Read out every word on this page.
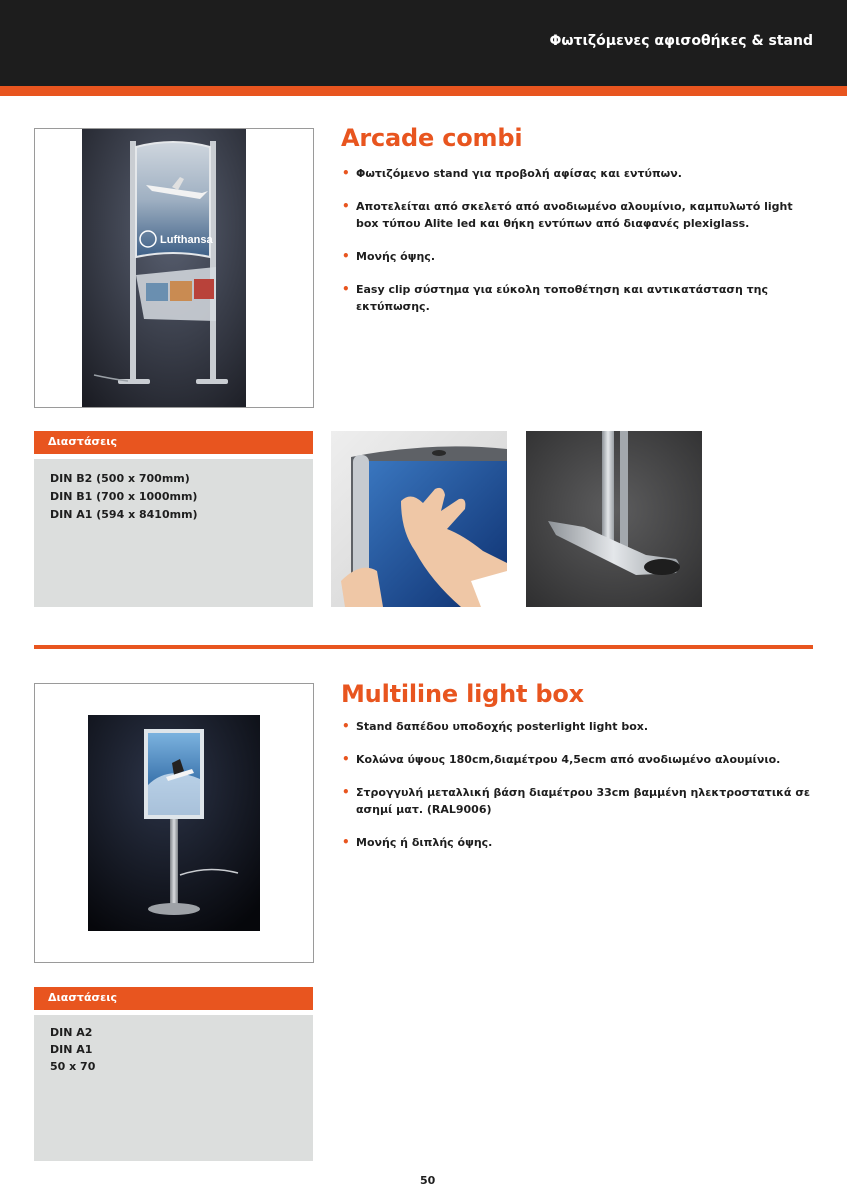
Φωτιζόμενες αφισοθήκες & stand
Lufthansa
Arcade combi
• Φωτιζόμενο stand για προβολή αφίσας και εντύπων.
• Αποτελείται από σκελετό από ανοδιωμένο αλουμίνιο, καμπυλωτό light box τύπου Alite led και θήκη εντύπων από διαφανές plexiglass.
• Μονής όψης.
• Easy clip σύστημα για εύκολη τοποθέτηση και αντικατάσταση της εκτύπωσης.
Διαστάσεις
DIN B2 (500 x 700mm)
DIN B1 (700 x 1000mm)
DIN A1 (594 x 8410mm)
Multiline light box
• Stand δαπέδου υποδοχής posterlight light box.
• Κολώνα ύψους 180cm,διαμέτρου 4,5ecm από ανοδιωμένο αλουμίνιο.
• Στρογγυλή μεταλλική βάση διαμέτρου 33cm βαμμένη ηλεκτροστατικά σε ασημί ματ. (RAL9006)
• Μονής ή διπλής όψης.
Διαστάσεις
DIN A2
DIN A1
50 x 70
50
